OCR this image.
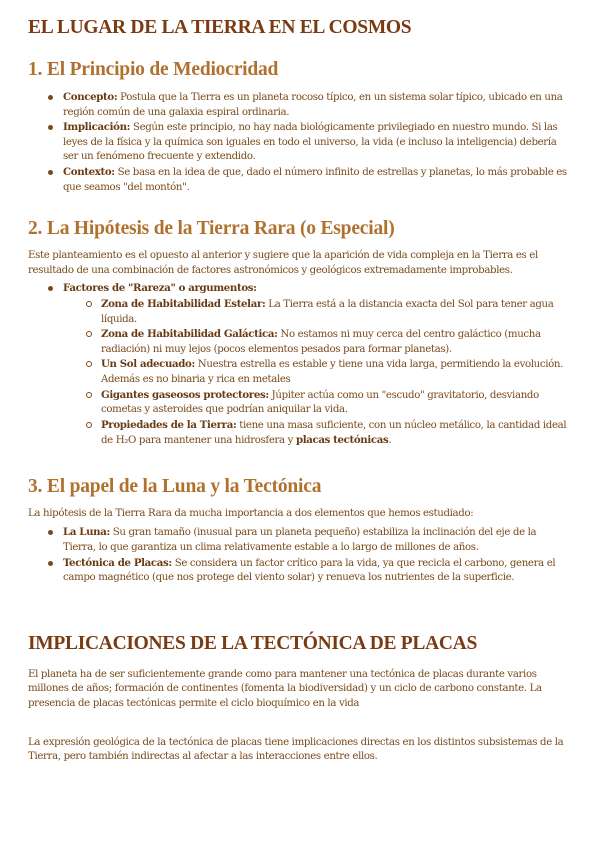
EL LUGAR DE LA TIERRA EN EL COSMOS
1. El Principio de Mediocridad
Concepto: Postula que la Tierra es un planeta rocoso típico, en un sistema solar típico, ubicado en una región común de una galaxia espiral ordinaria.
Implicación: Según este principio, no hay nada biológicamente privilegiado en nuestro mundo. Si las leyes de la física y la química son iguales en todo el universo, la vida (e incluso la inteligencia) debería ser un fenómeno frecuente y extendido.
Contexto: Se basa en la idea de que, dado el número infinito de estrellas y planetas, lo más probable es que seamos "del montón".
2. La Hipótesis de la Tierra Rara (o Especial)

Este planteamiento es el opuesto al anterior y sugiere que la aparición de vida compleja en la Tierra es el resultado de una combinación de factores astronómicos y geológicos extremadamente improbables.

Factores de "Rareza" o argumentos:
Zona de Habitabilidad Estelar: La Tierra está a la distancia exacta del Sol para tener agua líquida.
Zona de Habitabilidad Galáctica: No estamos ni muy cerca del centro galáctico (mucha radiación) ni muy lejos (pocos elementos pesados para formar planetas).
Un Sol adecuado: Nuestra estrella es estable y tiene una vida larga, permitiendo la evolución. Además es no binaria y rica en metales
Gigantes gaseosos protectores: Júpiter actúa como un "escudo" gravitatorio, desviando cometas y asteroides que podrían aniquilar la vida.
Propiedades de la Tierra: tiene una masa suficiente, con un núcleo metálico, la cantidad ideal de H₂O para mantener una hidrosfera y placas tectónicas.
3. El papel de la Luna y la Tectónica

La hipótesis de la Tierra Rara da mucha importancia a dos elementos que hemos estudiado:

La Luna: Su gran tamaño (inusual para un planeta pequeño) estabiliza la inclinación del eje de la Tierra, lo que garantiza un clima relativamente estable a lo largo de millones de años.
Tectónica de Placas: Se considera un factor crítico para la vida, ya que recicla el carbono, genera el campo magnético (que nos protege del viento solar) y renueva los nutrientes de la superficie.
IMPLICACIONES DE LA TECTÓNICA DE PLACAS

El planeta ha de ser suficientemente grande como para mantener una tectónica de placas durante varios millones de años; formación de continentes (fomenta la biodiversidad) y un ciclo de carbono constante. La presencia de placas tectónicas permite el ciclo bioquímico en la vida

La expresión geológica de la tectónica de placas tiene implicaciones directas en los distintos subsistemas de la Tierra, pero también indirectas al afectar a las interacciones entre ellos.
